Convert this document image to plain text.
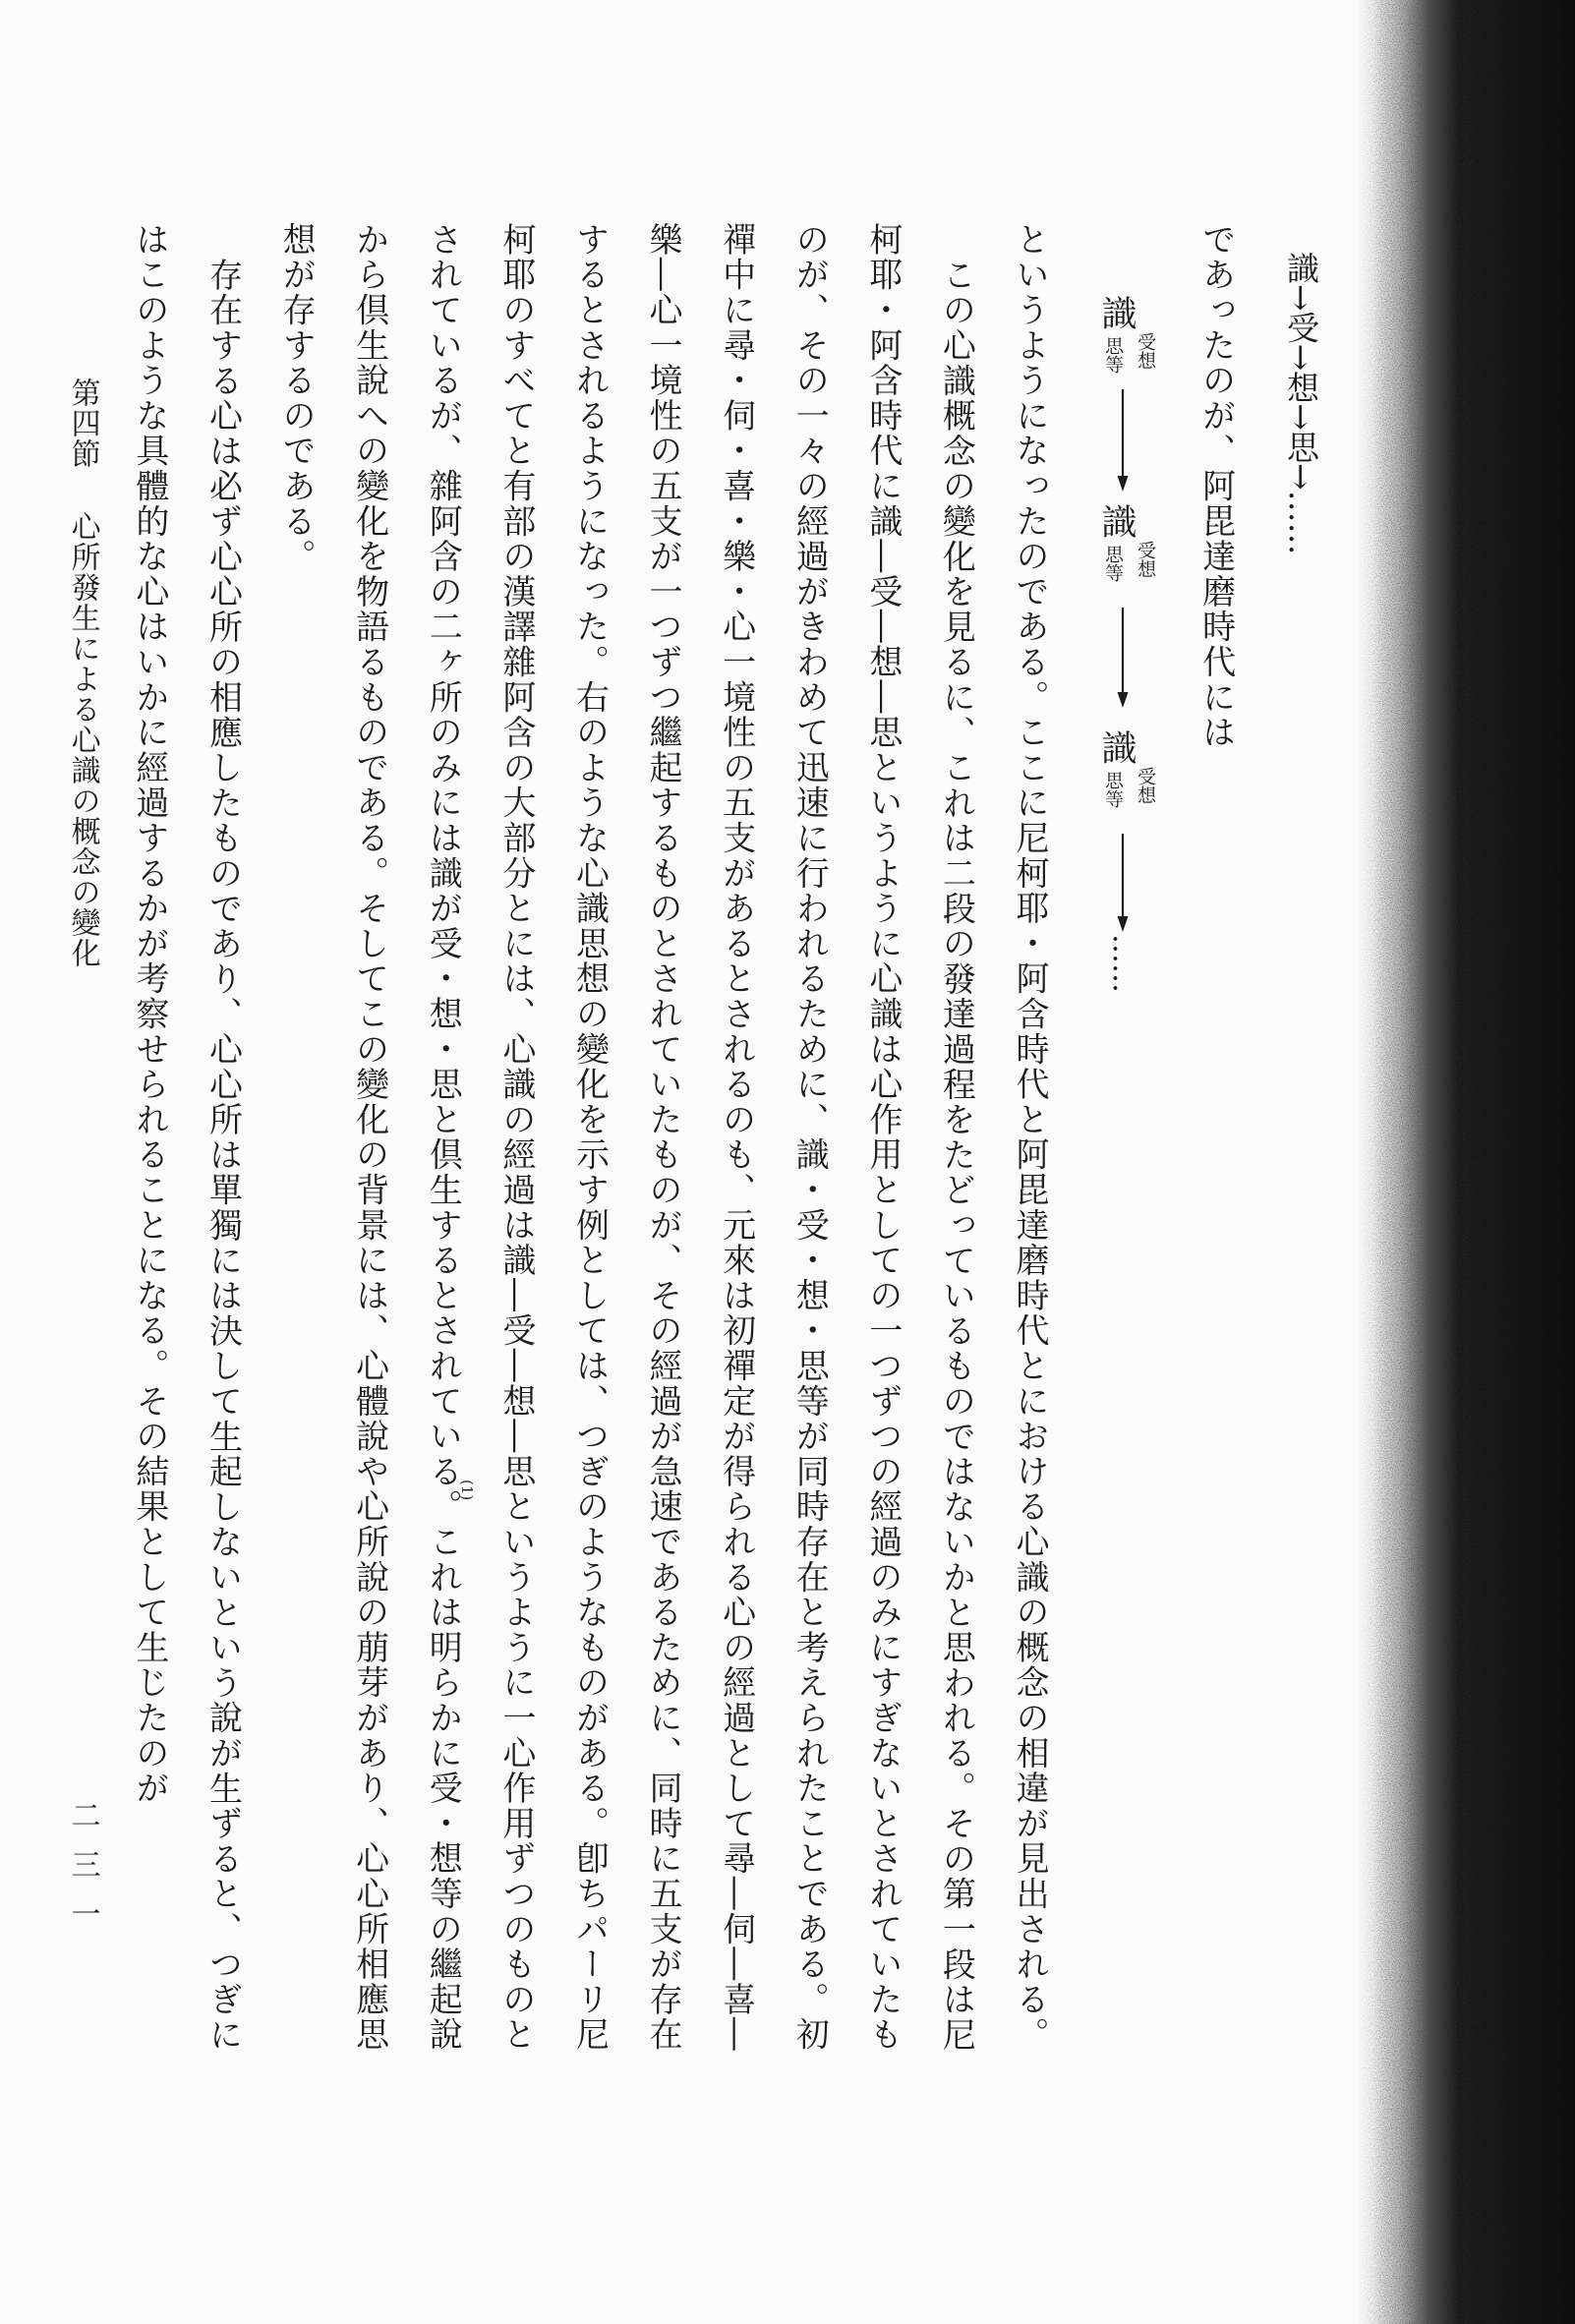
識→受→想→思→……
であったのが、阿毘達磨時代には
識
受想
思等
識
受想
思等
識
受想
思等
……
というようになったのである。ここに尼柯耶・阿含時代と阿毘達磨時代とにおける心識の概念の相違が見出される。
この心識概念の變化を見るに、これは二段の發達過程をたどっているものではないかと思われる。その第一段は尼
柯耶・阿含時代に識―受―想―思というように心識は心作用としての一つずつの經過のみにすぎないとされていたも
のが、その一々の經過がきわめて迅速に行われるために、識・受・想・思等が同時存在と考えられたことである。初
禪中に尋・伺・喜・樂・心一境性の五支があるとされるのも、元來は初禪定が得られる心の經過として尋―伺―喜―
樂―心一境性の五支が一つずつ繼起するものとされていたものが、その經過が急速であるために、同時に五支が存在
するとされるようになった。右のような心識思想の變化を示す例としては、つぎのようなものがある。卽ちパーリ尼
柯耶のすべてと有部の漢譯雜阿含の大部分とには、心識の經過は識―受―想―思というように一心作用ずつのものと
されているが、雜阿含の二ヶ所のみには識が受・想・思と倶生するとされている
(1)
。これは明らかに受・想等の繼起說
から倶生說への變化を物語るものである。そしてこの變化の背景には、心體說や心所說の萠芽があり、心心所相應思
想が存するのである。
存在する心は必ず心心所の相應したものであり、心心所は單獨には決して生起しないという說が生ずると、つぎに
はこのような具體的な心はいかに經過するかが考察せられることになる。その結果として生じたのが
第四節心所發生による心識の概念の變化
二三一
